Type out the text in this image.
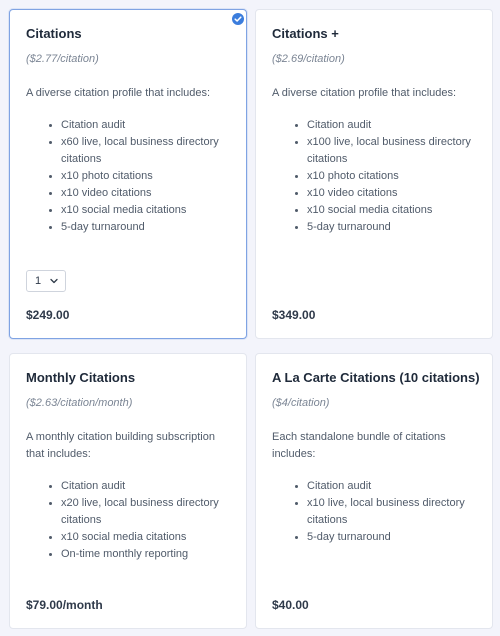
Citations
($2.77/citation)
A diverse citation profile that includes:
Citation audit
x60 live, local business directory citations
x10 photo citations
x10 video citations
x10 social media citations
5-day turnaround
1
$249.00
Citations +
($2.69/citation)
A diverse citation profile that includes:
Citation audit
x100 live, local business directory citations
x10 photo citations
x10 video citations
x10 social media citations
5-day turnaround
$349.00
Monthly Citations
($2.63/citation/month)
A monthly citation building subscription that includes:
Citation audit
x20 live, local business directory citations
x10 social media citations
On-time monthly reporting
$79.00/month
A La Carte Citations (10 citations)
($4/citation)
Each standalone bundle of citations includes:
Citation audit
x10 live, local business directory citations
5-day turnaround
$40.00
